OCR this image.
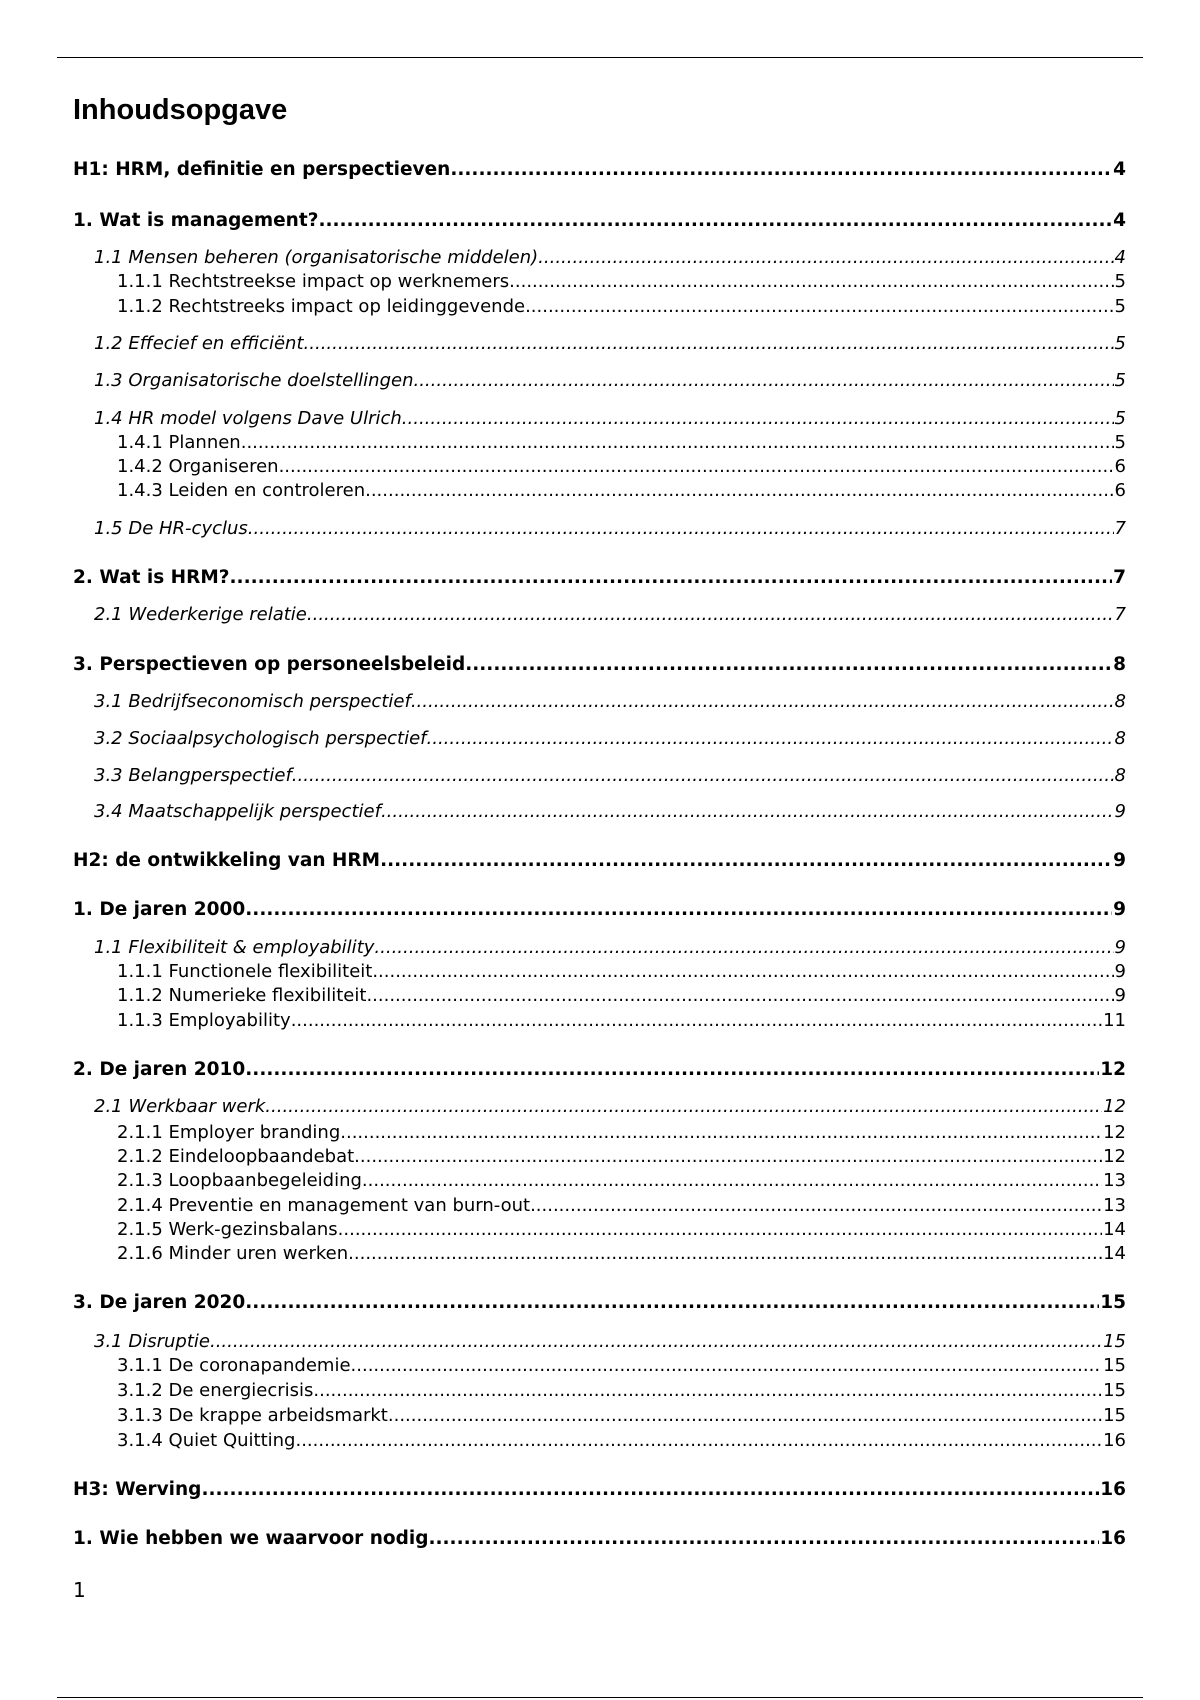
Inhoudsopgave
H1: HRM, definitie en perspectieven .....	4
1. Wat is management? .....	4
1.1 Mensen beheren (organisatorische middelen) .....	4
1.1.1 Rechtstreekse impact op werknemers .....	5
1.1.2 Rechtstreeks impact op leidinggevende .....	5
1.2 Effecief en efficiënt .....	5
1.3 Organisatorische doelstellingen .....	5
1.4 HR model volgens Dave Ulrich .....	5
1.4.1 Plannen .....	5
1.4.2 Organiseren .....	6
1.4.3 Leiden en controleren .....	6
1.5 De HR-cyclus .....	7
2. Wat is HRM? .....	7
2.1 Wederkerige relatie .....	7
3. Perspectieven op personeelsbeleid .....	8
3.1 Bedrijfseconomisch perspectief .....	8
3.2 Sociaalpsychologisch perspectief .....	8
3.3 Belangperspectief .....	8
3.4 Maatschappelijk perspectief .....	9
H2: de ontwikkeling van HRM .....	9
1. De jaren 2000 .....	9
1.1 Flexibiliteit & employability .....	9
1.1.1 Functionele flexibiliteit .....	9
1.1.2 Numerieke flexibiliteit .....	9
1.1.3 Employability .....	11
2. De jaren 2010 .....	12
2.1 Werkbaar werk .....	12
2.1.1 Employer branding .....	12
2.1.2 Eindeloopbaandebat .....	12
2.1.3 Loopbaanbegeleiding .....	13
2.1.4 Preventie en management van burn-out .....	13
2.1.5 Werk-gezinsbalans .....	14
2.1.6 Minder uren werken .....	14
3. De jaren 2020 .....	15
3.1 Disruptie .....	15
3.1.1 De coronapandemie .....	15
3.1.2 De energiecrisis .....	15
3.1.3 De krappe arbeidsmarkt .....	15
3.1.4 Quiet Quitting .....	16
H3: Werving .....	16
1. Wie hebben we waarvoor nodig .....	16
1
